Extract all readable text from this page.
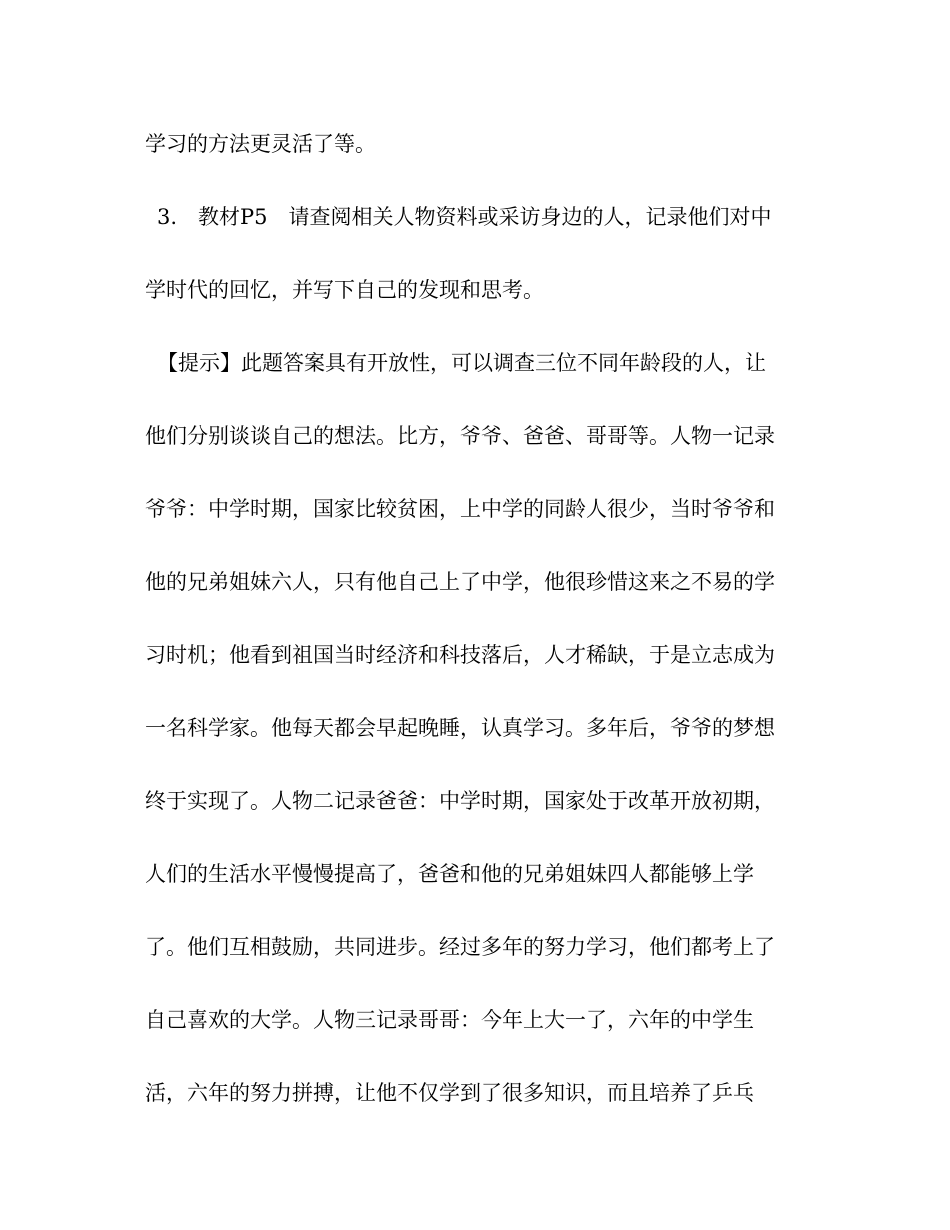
学习的方法更灵活了等。
3.　教材P5　请查阅相关人物资料或采访身边的人，记录他们对中
学时代的回忆，并写下自己的发现和思考。
【提示】此题答案具有开放性，可以调查三位不同年龄段的人，让
他们分别谈谈自己的想法。比方，爷爷、爸爸、哥哥等。人物一记录
爷爷：中学时期，国家比较贫困，上中学的同龄人很少，当时爷爷和
他的兄弟姐妹六人，只有他自己上了中学，他很珍惜这来之不易的学
习时机；他看到祖国当时经济和科技落后，人才稀缺，于是立志成为
一名科学家。他每天都会早起晚睡，认真学习。多年后，爷爷的梦想
终于实现了。人物二记录爸爸：中学时期，国家处于改革开放初期，
人们的生活水平慢慢提高了，爸爸和他的兄弟姐妹四人都能够上学
了。他们互相鼓励，共同进步。经过多年的努力学习，他们都考上了
自己喜欢的大学。人物三记录哥哥：今年上大一了，六年的中学生
活，六年的努力拼搏，让他不仅学到了很多知识，而且培养了乒乓
